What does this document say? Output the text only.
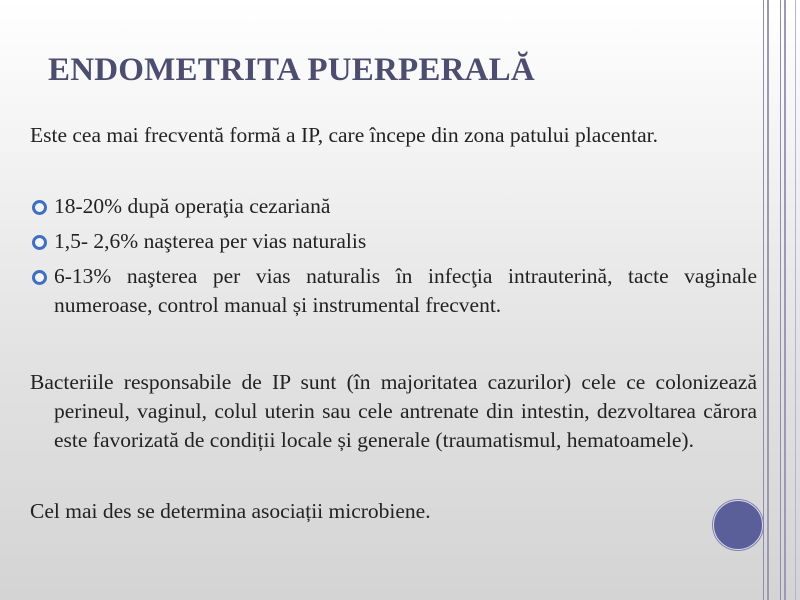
ENDOMETRITA PUERPERALĂ

Este cea mai frecventă formă a IP, care începe din zona patului placentar.

18-20% după operaţia cezariană
1,5- 2,6% naşterea per vias naturalis
6-13% naşterea per vias naturalis în infecţia intrauterină, tacte vaginale numeroase, control manual și instrumental frecvent.

Bacteriile responsabile de IP sunt (în majoritatea cazurilor) cele ce colonizează perineul, vaginul, colul uterin sau cele antrenate din intestin, dezvoltarea cărora este favorizată de condiții locale și generale (traumatismul, hematoamele).

Cel mai des se determina asociații microbiene.
